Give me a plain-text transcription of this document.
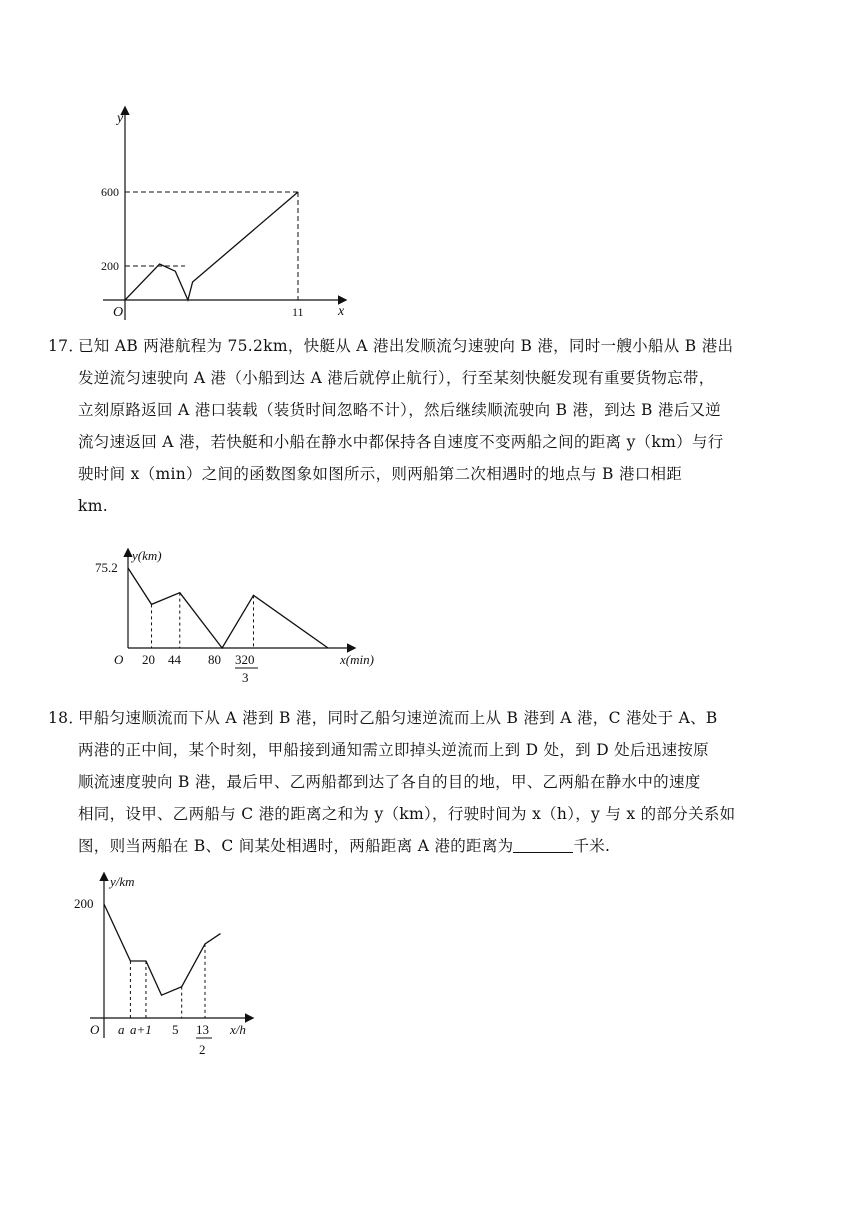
y
x
O
600
200
11
17．
已知 AB 两港航程为 75.2km，快艇从 A 港出发顺流匀速驶向 B 港，同时一艘小船从 B 港出
发逆流匀速驶向 A 港（小船到达 A 港后就停止航行），行至某刻快艇发现有重要货物忘带，
立刻原路返回 A 港口装载（装货时间忽略不计），然后继续顺流驶向 B 港，到达 B 港后又逆
流匀速返回 A 港，若快艇和小船在静水中都保持各自速度不变两船之间的距离 y（km）与行
驶时间 x（min）之间的函数图象如图所示，则两船第二次相遇时的地点与 B 港口相距
km.
y(km)
x(min)
O
75.2
20 44 80 320
3
18．
甲船匀速顺流而下从 A 港到 B 港，同时乙船匀速逆流而上从 B 港到 A 港，C 港处于 A、B
两港的正中间，某个时刻，甲船接到通知需立即掉头逆流而上到 D 处，到 D 处后迅速按原
顺流速度驶向 B 港，最后甲、乙两船都到达了各自的目的地，甲、乙两船在静水中的速度
相同，设甲、乙两船与 C 港的距离之和为 y（km），行驶时间为 x（h），y 与 x 的部分关系如
图，则当两船在 B、C 间某处相遇时，两船距离 A 港的距离为	千米.
y/km
x/h
O
200
a a+1 5 13
2
